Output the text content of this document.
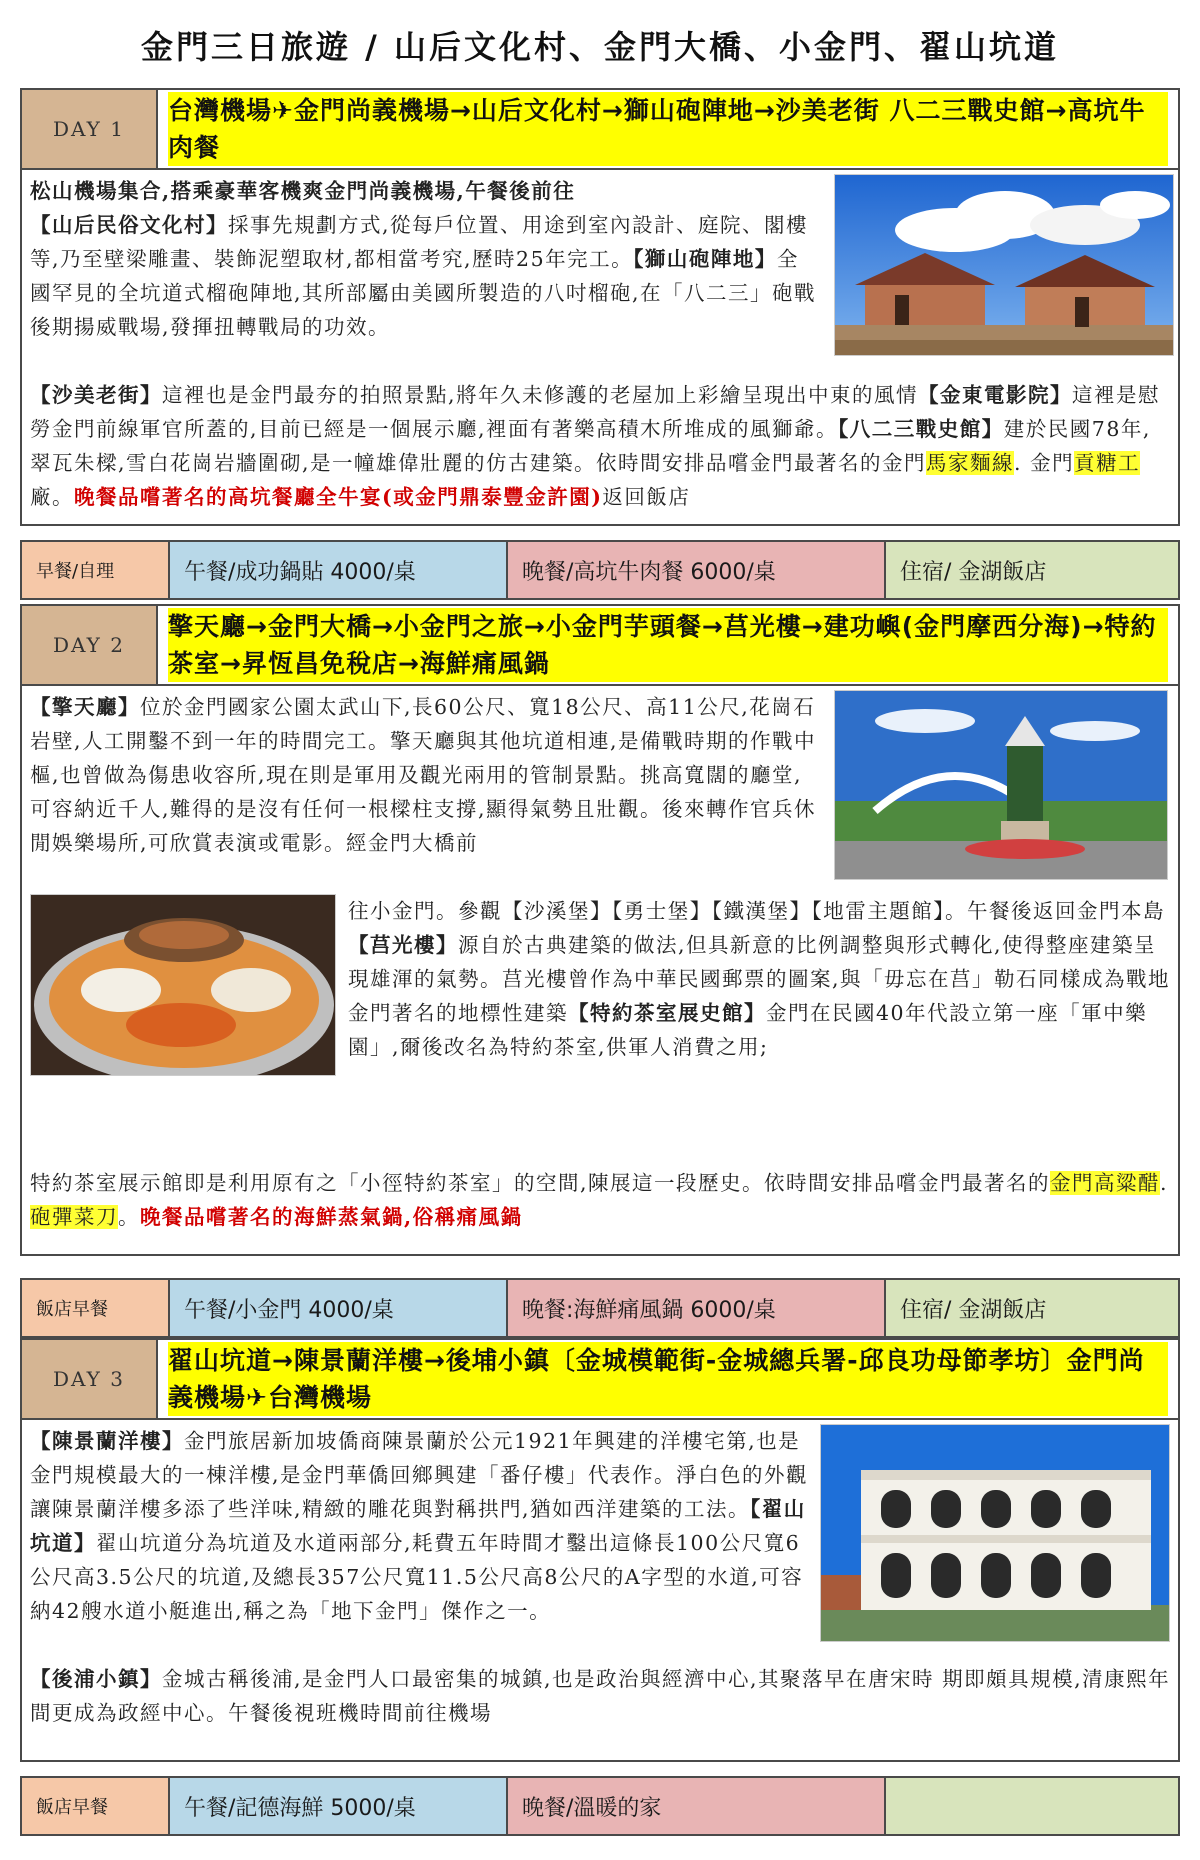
金門三日旅遊 / 山后文化村、金門大橋、小金門、翟山坑道
DAY 1
台灣機場✈金門尚義機場→山后文化村→獅山砲陣地→沙美老街 八二三戰史館→高坑牛肉餐
松山機場集合,搭乘豪華客機爽金門尚義機場,午餐後前往
【山后民俗文化村】採事先規劃方式,從每戶位置、用途到室內設計、庭院、閣樓等,乃至壁梁雕畫、裝飾泥塑取材,都相當考究,歷時25年完工。【獅山砲陣地】全國罕見的全坑道式榴砲陣地,其所部屬由美國所製造的八吋榴砲,在「八二三」砲戰後期揚威戰場,發揮扭轉戰局的功效。
【沙美老街】這裡也是金門最夯的拍照景點,將年久未修護的老屋加上彩繪呈現出中東的風情【金東電影院】這裡是慰勞金門前線軍官所蓋的,目前已經是一個展示廳,裡面有著樂高積木所堆成的風獅爺。【八二三戰史館】建於民國78年,翠瓦朱樑,雪白花崗岩牆圍砌,是一幢雄偉壯麗的仿古建築。依時間安排品嚐金門最著名的金門馬家麵線. 金門貢糖工廠。晚餐品嚐著名的高坑餐廳全牛宴(或金門鼎泰豐金許園)返回飯店
早餐/自理	午餐/成功鍋貼 4000/桌	晚餐/高坑牛肉餐 6000/桌	住宿/ 金湖飯店
DAY 2
擎天廳→金門大橋→小金門之旅→小金門芋頭餐→莒光樓→建功嶼(金門摩西分海)→特約茶室→昇恆昌免稅店→海鮮痛風鍋
【擎天廳】位於金門國家公園太武山下,長60公尺、寬18公尺、高11公尺,花崗石岩壁,人工開鑿不到一年的時間完工。擎天廳與其他坑道相連,是備戰時期的作戰中樞,也曾做為傷患收容所,現在則是軍用及觀光兩用的管制景點。挑高寬闊的廳堂,可容納近千人,難得的是沒有任何一根樑柱支撐,顯得氣勢且壯觀。後來轉作官兵休閒娛樂場所,可欣賞表演或電影。經金門大橋前
往小金門。參觀【沙溪堡】【勇士堡】【鐵漢堡】【地雷主題館】。午餐後返回金門本島【莒光樓】源自於古典建築的做法,但具新意的比例調整與形式轉化,使得整座建築呈現雄渾的氣勢。莒光樓曾作為中華民國郵票的圖案,與「毋忘在莒」勒石同樣成為戰地金門著名的地標性建築【特約茶室展史館】金門在民國40年代設立第一座「軍中樂園」,爾後改名為特約茶室,供軍人消費之用;
特約茶室展示館即是利用原有之「小徑特約茶室」的空間,陳展這一段歷史。依時間安排品嚐金門最著名的金門高粱醋. 砲彈菜刀。晚餐品嚐著名的海鮮蒸氣鍋,俗稱痛風鍋
飯店早餐	午餐/小金門 4000/桌	晚餐:海鮮痛風鍋 6000/桌	住宿/ 金湖飯店
DAY 3
翟山坑道→陳景蘭洋樓→後埔小鎮〔金城模範街-金城總兵署-邱良功母節孝坊〕金門尚義機場✈台灣機場
【陳景蘭洋樓】金門旅居新加坡僑商陳景蘭於公元1921年興建的洋樓宅第,也是金門規模最大的一棟洋樓,是金門華僑回鄉興建「番仔樓」代表作。淨白色的外觀讓陳景蘭洋樓多添了些洋味,精緻的雕花與對稱拱門,猶如西洋建築的工法。【翟山坑道】翟山坑道分為坑道及水道兩部分,耗費五年時間才鑿出這條長100公尺寬6公尺高3.5公尺的坑道,及總長357公尺寬11.5公尺高8公尺的A字型的水道,可容納42艘水道小艇進出,稱之為「地下金門」傑作之一。
【後浦小鎮】金城古稱後浦,是金門人口最密集的城鎮,也是政治與經濟中心,其聚落早在唐宋時 期即頗具規模,清康熙年間更成為政經中心。午餐後視班機時間前往機場
飯店早餐	午餐/記德海鮮 5000/桌	晚餐/溫暖的家
